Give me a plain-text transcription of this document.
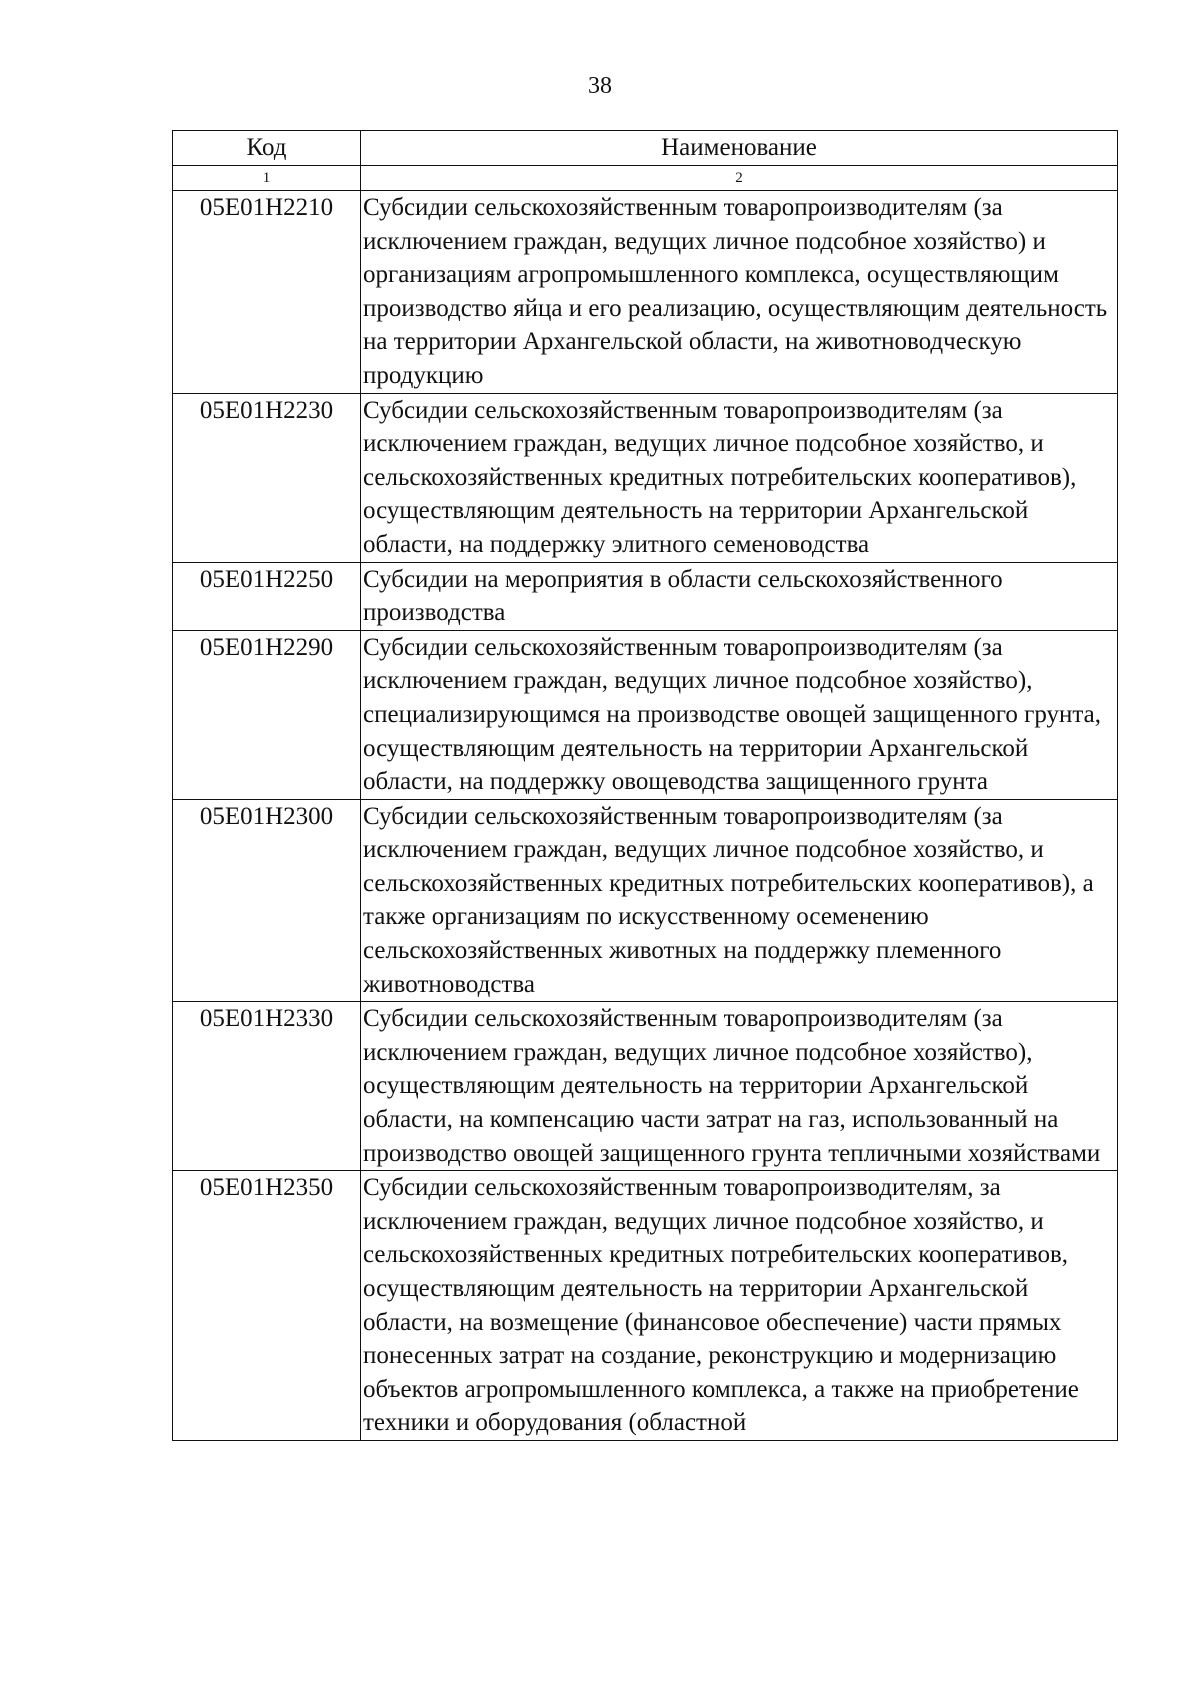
38
Код	Наименование
1	2
05Е01Н2210	Субсидии сельскохозяйственным товаропроизводителям (за исключением граждан, ведущих личное подсобное хозяйство) и организациям агропромышленного комплекса, осуществляющим производство яйца и его реализацию, осуществляющим деятельность на территории Архангельской области, на животноводческую продукцию
05Е01Н2230	Субсидии сельскохозяйственным товаропроизводителям (за исключением граждан, ведущих личное подсобное хозяйство, и сельскохозяйственных кредитных потребительских кооперативов), осуществляющим деятельность на территории Архангельской области, на поддержку элитного семеноводства
05Е01Н2250	Субсидии на мероприятия в области сельскохозяйственного производства
05Е01Н2290	Субсидии сельскохозяйственным товаропроизводителям (за исключением граждан, ведущих личное подсобное хозяйство), специализирующимся на производстве овощей защищенного грунта, осуществляющим деятельность на территории Архангельской области, на поддержку овощеводства защищенного грунта
05Е01Н2300	Субсидии сельскохозяйственным товаропроизводителям (за исключением граждан, ведущих личное подсобное хозяйство, и сельскохозяйственных кредитных потребительских кооперативов), а также организациям по искусственному осеменению сельскохозяйственных животных на поддержку племенного животноводства
05Е01Н2330	Субсидии сельскохозяйственным товаропроизводителям (за исключением граждан, ведущих личное подсобное хозяйство), осуществляющим деятельность на территории Архангельской области, на компенсацию части затрат на газ, использованный на производство овощей защищенного грунта тепличными хозяйствами
05Е01Н2350	Субсидии сельскохозяйственным товаропроизводителям, за исключением граждан, ведущих личное подсобное хозяйство, и сельскохозяйственных кредитных потребительских кооперативов, осуществляющим деятельность на территории Архангельской области, на возмещение (финансовое обеспечение) части прямых понесенных затрат на создание, реконструкцию и модернизацию объектов агропромышленного комплекса, а также на приобретение техники и оборудования (областной
